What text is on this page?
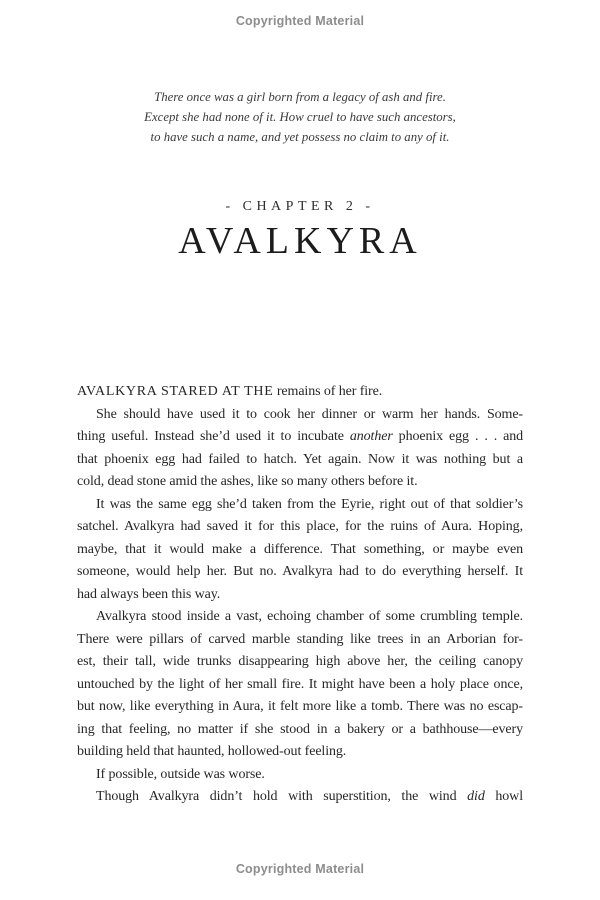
Copyrighted Material
There once was a girl born from a legacy of ash and fire.
Except she had none of it. How cruel to have such ancestors,
to have such a name, and yet possess no claim to any of it.
- CHAPTER 2 -
AVALKYRA
AVALKYRA STARED AT THE remains of her fire.
She should have used it to cook her dinner or warm her hands. Some-
thing useful. Instead she’d used it to incubate another phoenix egg . . . and
that phoenix egg had failed to hatch. Yet again. Now it was nothing but a
cold, dead stone amid the ashes, like so many others before it.
It was the same egg she’d taken from the Eyrie, right out of that soldier’s
satchel. Avalkyra had saved it for this place, for the ruins of Aura. Hoping,
maybe, that it would make a difference. That something, or maybe even
someone, would help her. But no. Avalkyra had to do everything herself. It
had always been this way.
Avalkyra stood inside a vast, echoing chamber of some crumbling temple.
There were pillars of carved marble standing like trees in an Arborian for-
est, their tall, wide trunks disappearing high above her, the ceiling canopy
untouched by the light of her small fire. It might have been a holy place once,
but now, like everything in Aura, it felt more like a tomb. There was no escap-
ing that feeling, no matter if she stood in a bakery or a bathhouse—every
building held that haunted, hollowed-out feeling.
If possible, outside was worse.
Though Avalkyra didn’t hold with superstition, the wind did howl
Copyrighted Material
